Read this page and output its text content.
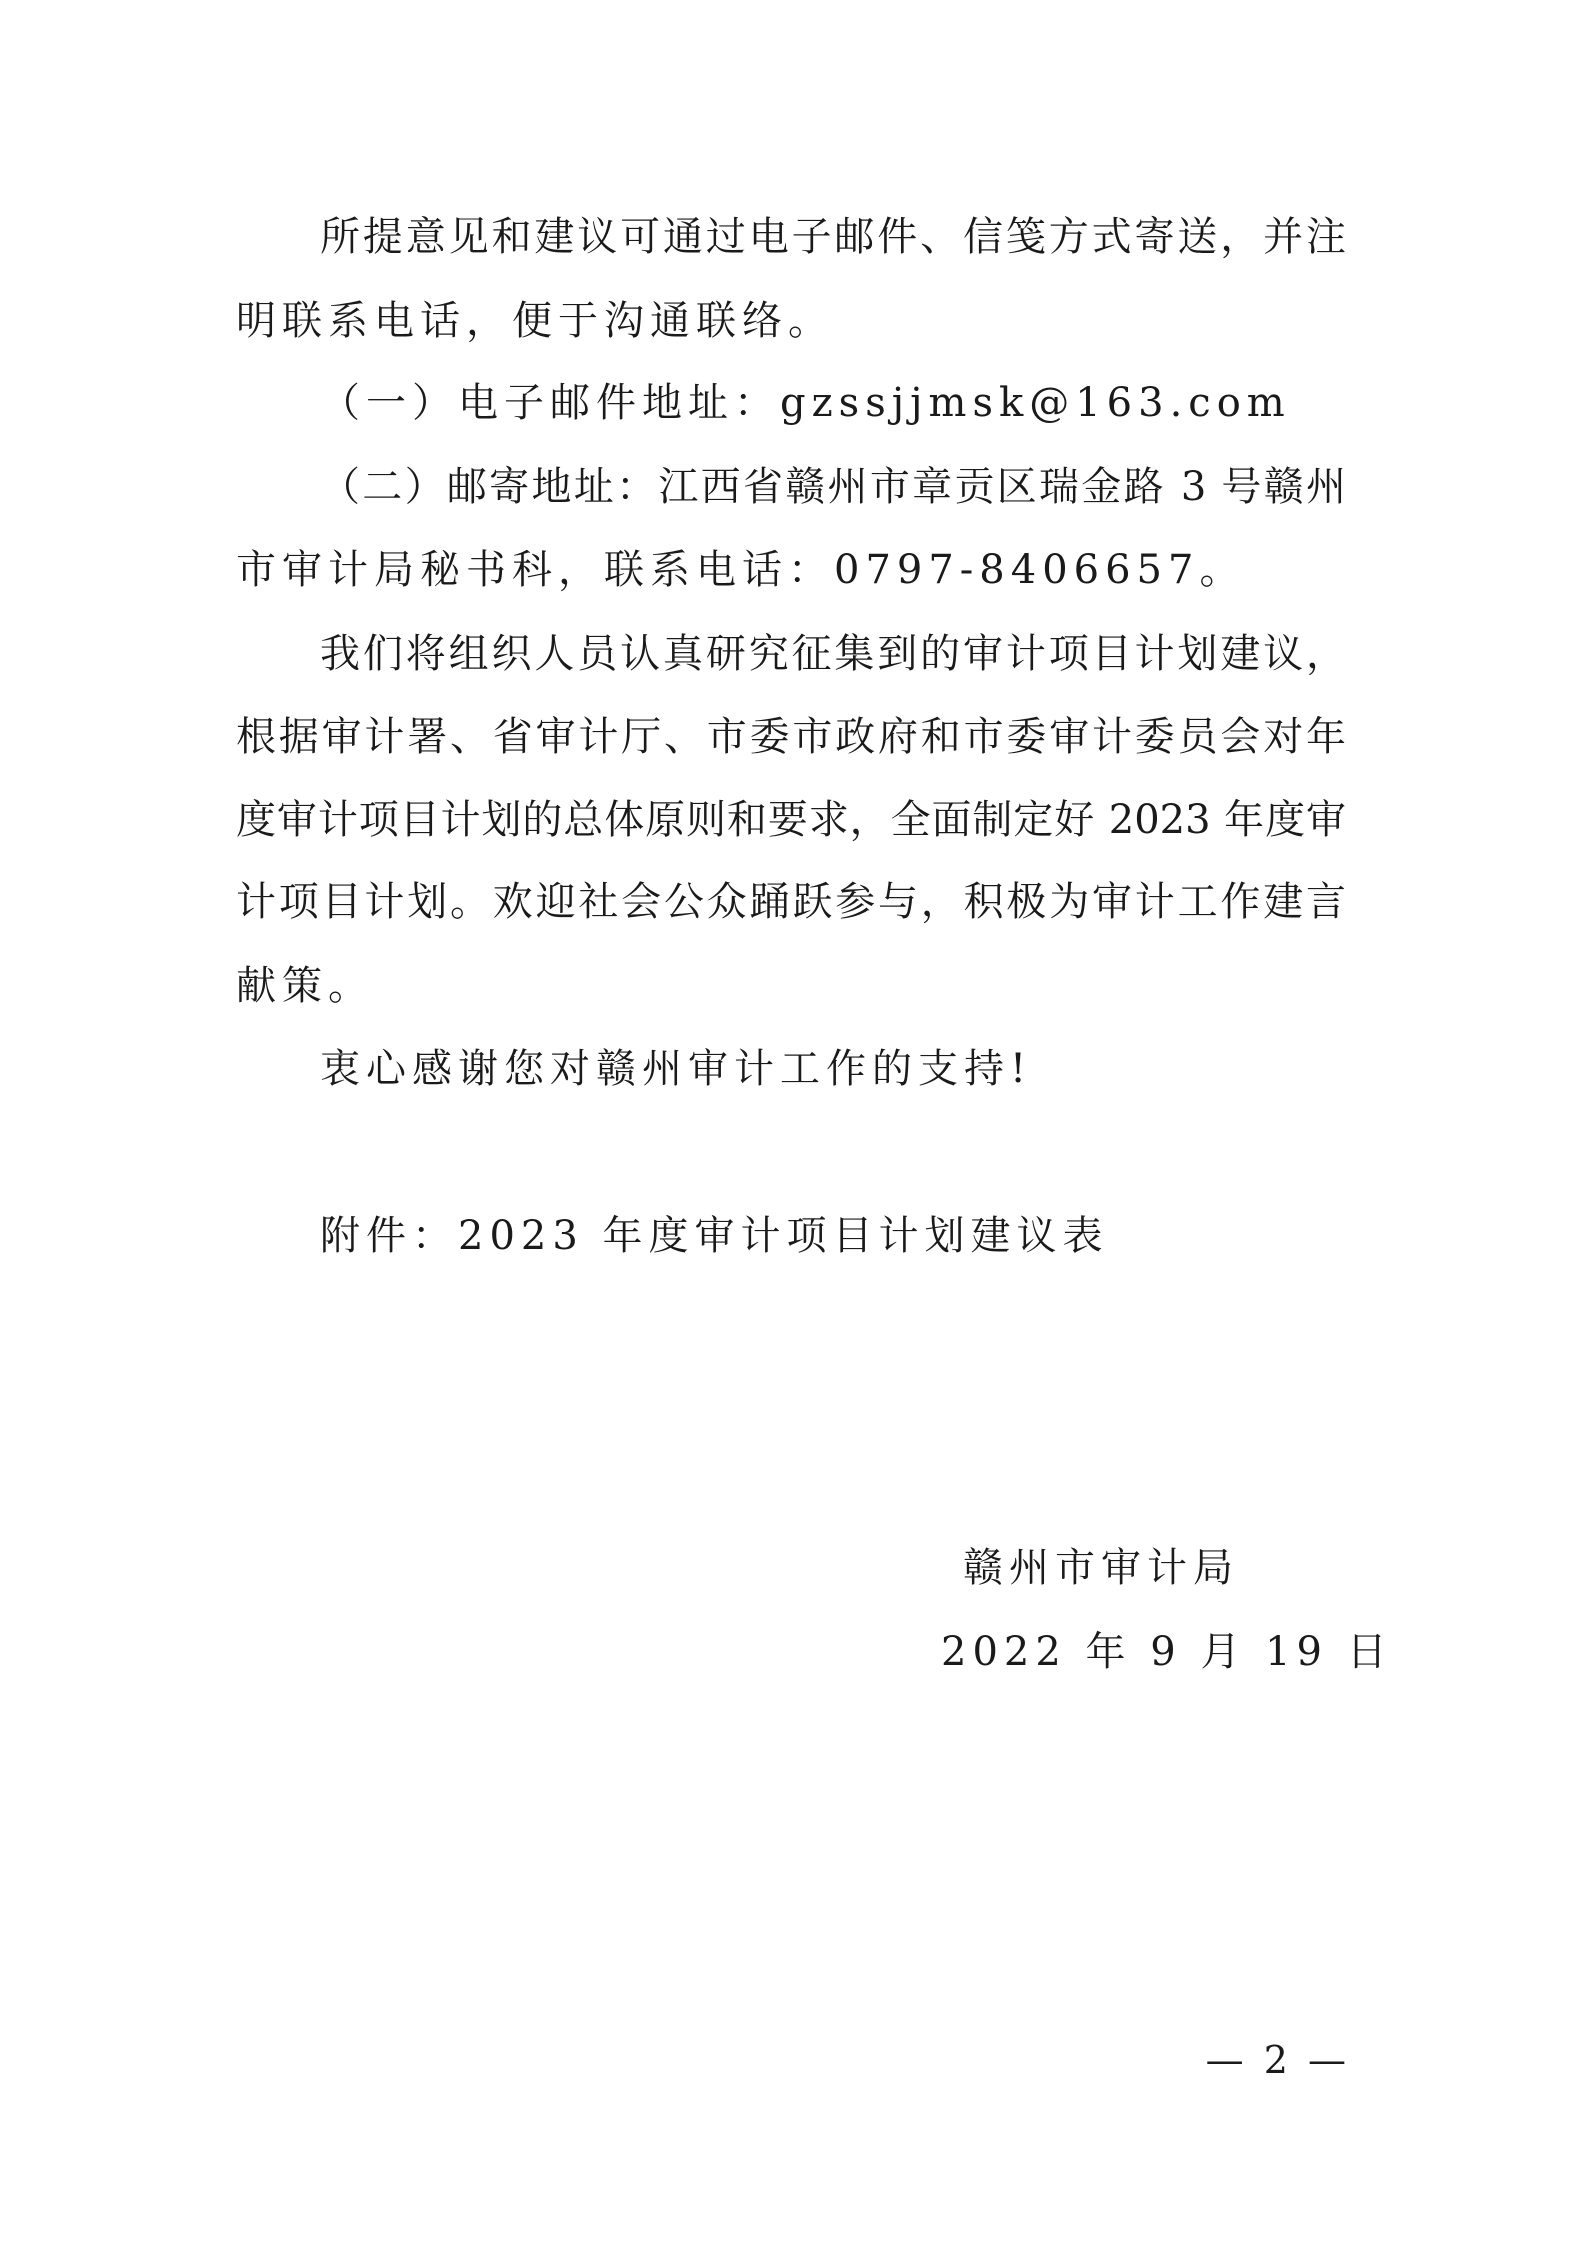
所提意见和建议可通过电子邮件、信笺方式寄送，并注
明联系电话，便于沟通联络。
（一）电子邮件地址：gzssjjmsk@163.com
（二）邮寄地址：江西省赣州市章贡区瑞金路 3 号赣州
市审计局秘书科，联系电话：0797-8406657。
我们将组织人员认真研究征集到的审计项目计划建议，
根据审计署、省审计厅、市委市政府和市委审计委员会对年
度审计项目计划的总体原则和要求，全面制定好 2023 年度审
计项目计划。欢迎社会公众踊跃参与，积极为审计工作建言
献策。
衷心感谢您对赣州审计工作的支持!
附件：2023 年度审计项目计划建议表
赣州市审计局
2022 年 9 月 19 日
— 2 —
